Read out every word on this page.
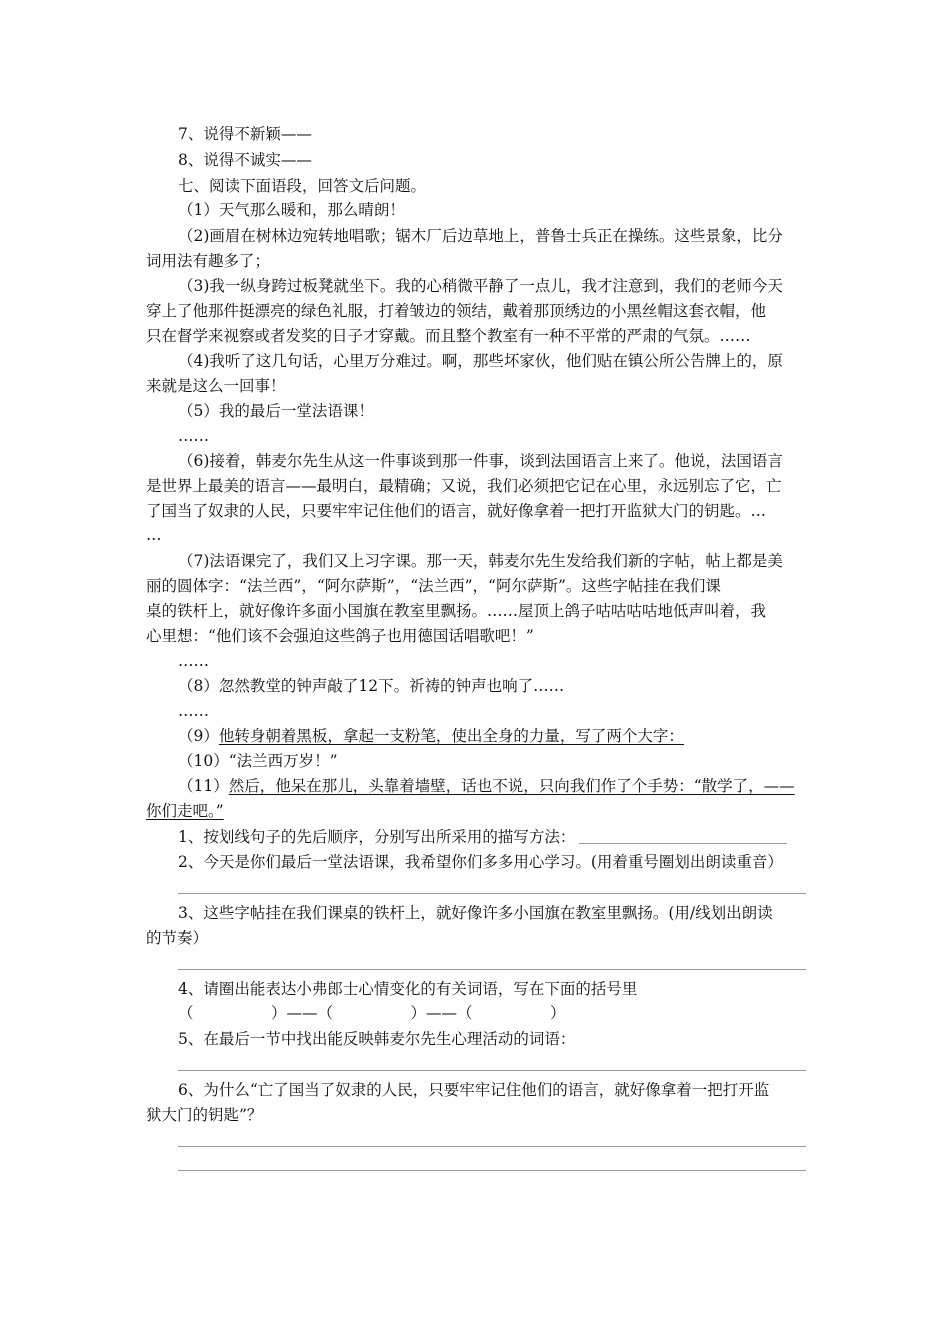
7、说得不新颖——
8、说得不诚实——
七、阅读下面语段，回答文后问题。
（1）天气那么暖和，那么晴朗！
（2)画眉在树林边宛转地唱歌；锯木厂后边草地上，普鲁士兵正在操练。这些景象，比分
词用法有趣多了；
（3)我一纵身跨过板凳就坐下。我的心稍微平静了一点儿，我才注意到，我们的老师今天
穿上了他那件挺漂亮的绿色礼服，打着皱边的领结，戴着那顶绣边的小黑丝帽这套衣帽，他
只在督学来视察或者发奖的日子才穿戴。而且整个教室有一种不平常的严肃的气氛。……
（4)我听了这几句话，心里万分难过。啊，那些坏家伙，他们贴在镇公所公告牌上的，原
来就是这么一回事！
（5）我的最后一堂法语课！
……
（6)接着，韩麦尔先生从这一件事谈到那一件事，谈到法国语言上来了。他说，法国语言
是世界上最美的语言——最明白，最精确；又说，我们必须把它记在心里，永远别忘了它，亡
了国当了奴隶的人民，只要牢牢记住他们的语言，就好像拿着一把打开监狱大门的钥匙。…
…
（7)法语课完了，我们又上习字课。那一天，韩麦尔先生发给我们新的字帖，帖上都是美
丽的圆体字：“法兰西”，“阿尔萨斯”，“法兰西”，“阿尔萨斯”。这些字帖挂在我们课
桌的铁杆上，就好像许多面小国旗在教室里飘扬。……屋顶上鸽子咕咕咕咕地低声叫着，我
心里想：“他们该不会强迫这些鸽子也用德国话唱歌吧！”
……
（8）忽然教堂的钟声敲了12下。祈祷的钟声也响了……
……
（9）他转身朝着黑板，拿起一支粉笔，使出全身的力量，写了两个大字：
（10）“法兰西万岁！”
（11）然后，他呆在那儿，头靠着墙壁，话也不说，只向我们作了个手势：“散学了，——
你们走吧。”
1、按划线句子的先后顺序，分别写出所采用的描写方法：
2、今天是你们最后一堂法语课，我希望你们多多用心学习。(用着重号圈划出朗读重音）
3、这些字帖挂在我们课桌的铁杆上，就好像许多小国旗在教室里飘扬。(用/线划出朗读
的节奏）
4、请圈出能表达小弗郎士心情变化的有关词语，写在下面的括号里
（　　　　　）——（　　　　　）——（　　　　　）
5、在最后一节中找出能反映韩麦尔先生心理活动的词语：
6、为什么“亡了国当了奴隶的人民，只要牢牢记住他们的语言，就好像拿着一把打开监
狱大门的钥匙”？
